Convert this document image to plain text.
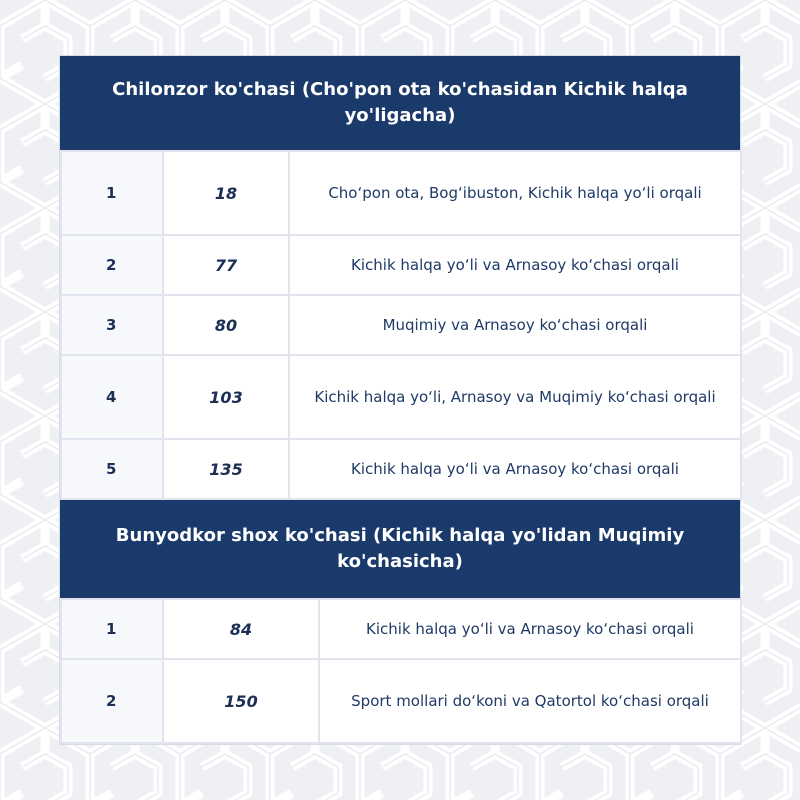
Chilonzor ko'chasi (Cho'pon ota ko'chasidan Kichik halqa yo'ligacha)
1	18	Cho‘pon ota, Bog‘ibuston, Kichik halqa yo‘li orqali
2	77	Kichik halqa yo‘li va Arnasoy ko‘chasi orqali
3	80	Muqimiy va Arnasoy ko‘chasi orqali
4	103	Kichik halqa yo‘li, Arnasoy va Muqimiy ko‘chasi orqali
5	135	Kichik halqa yo‘li va Arnasoy ko‘chasi orqali
Bunyodkor shox ko'chasi (Kichik halqa yo'lidan Muqimiy ko'chasicha)
1	84	Kichik halqa yo‘li va Arnasoy ko‘chasi orqali
2	150	Sport mollari do‘koni va Qatortol ko‘chasi orqali
